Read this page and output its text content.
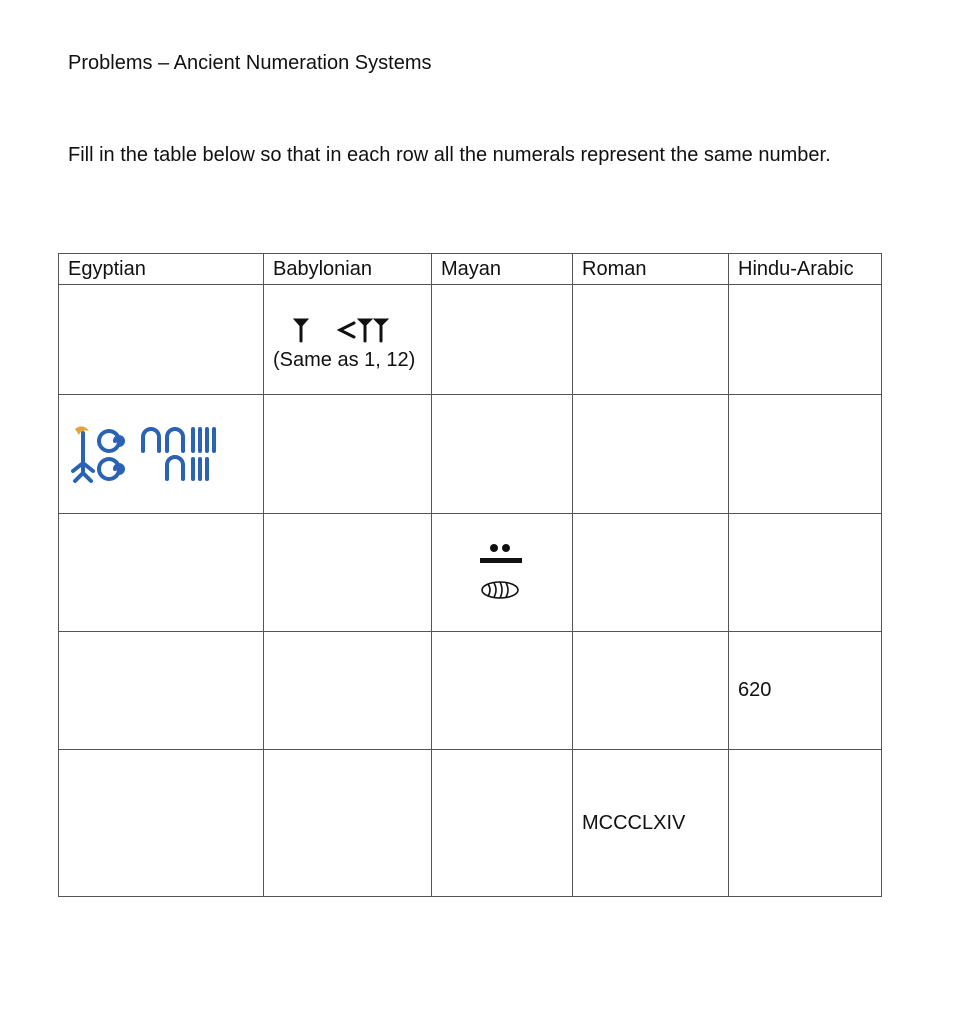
Problems – Ancient Numeration Systems
Fill in the table below so that in each row all the numerals represent the same number.
Egyptian	Babylonian	Mayan	Roman	Hindu-Arabic

	(Same as 1, 12)			

				620
			MCCCLXIV	
